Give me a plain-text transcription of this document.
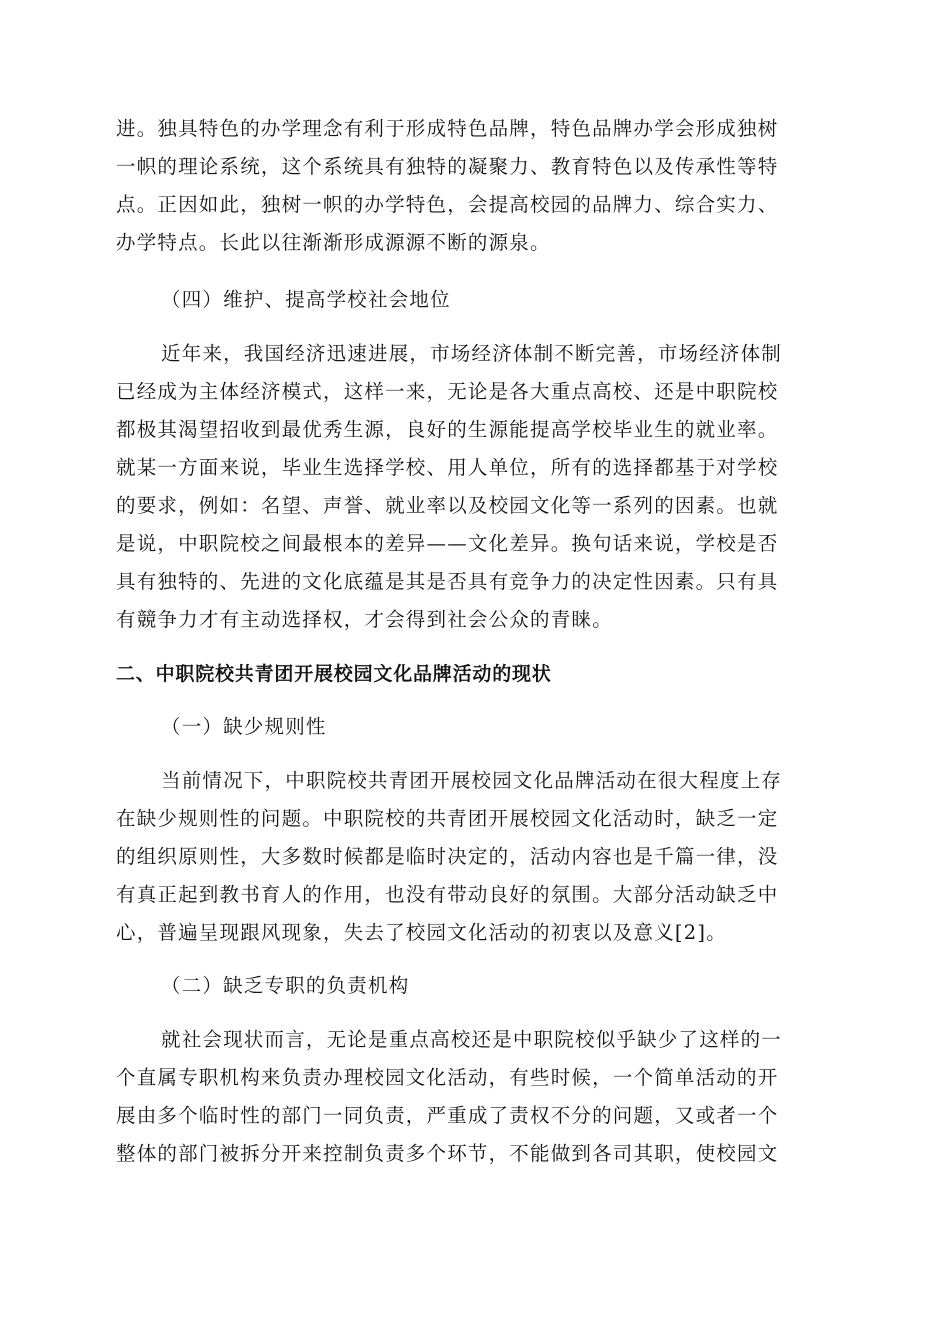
进。独具特色的办学理念有利于形成特色品牌，特色品牌办学会形成独树
一帜的理论系统，这个系统具有独特的凝聚力、教育特色以及传承性等特
点。正因如此，独树一帜的办学特色，会提高校园的品牌力、综合实力、
办学特点。长此以往渐渐形成源源不断的源泉。
（四）维护、提高学校社会地位
近年来，我国经济迅速进展，市场经济体制不断完善，市场经济体制
已经成为主体经济模式，这样一来，无论是各大重点高校、还是中职院校
都极其渴望招收到最优秀生源，良好的生源能提高学校毕业生的就业率。
就某一方面来说，毕业生选择学校、用人单位，所有的选择都基于对学校
的要求，例如：名望、声誉、就业率以及校园文化等一系列的因素。也就
是说，中职院校之间最根本的差异——文化差异。换句话来说，学校是否
具有独特的、先进的文化底蕴是其是否具有竞争力的决定性因素。只有具
有競争力才有主动选择权，才会得到社会公众的青睐。
二、中职院校共青团开展校园文化品牌活动的现状
（一）缺少规则性
当前情况下，中职院校共青团开展校园文化品牌活动在很大程度上存
在缺少规则性的问题。中职院校的共青团开展校园文化活动时，缺乏一定
的组织原则性，大多数时候都是临时决定的，活动内容也是千篇一律，没
有真正起到教书育人的作用，也没有带动良好的氛围。大部分活动缺乏中
心，普遍呈现跟风现象，失去了校园文化活动的初衷以及意义[2]。
（二）缺乏专职的负责机构
就社会现状而言，无论是重点高校还是中职院校似乎缺少了这样的一
个直属专职机构来负责办理校园文化活动，有些时候，一个简单活动的开
展由多个临时性的部门一同负责，严重成了责权不分的问题，又或者一个
整体的部门被拆分开来控制负责多个环节，不能做到各司其职，使校园文
